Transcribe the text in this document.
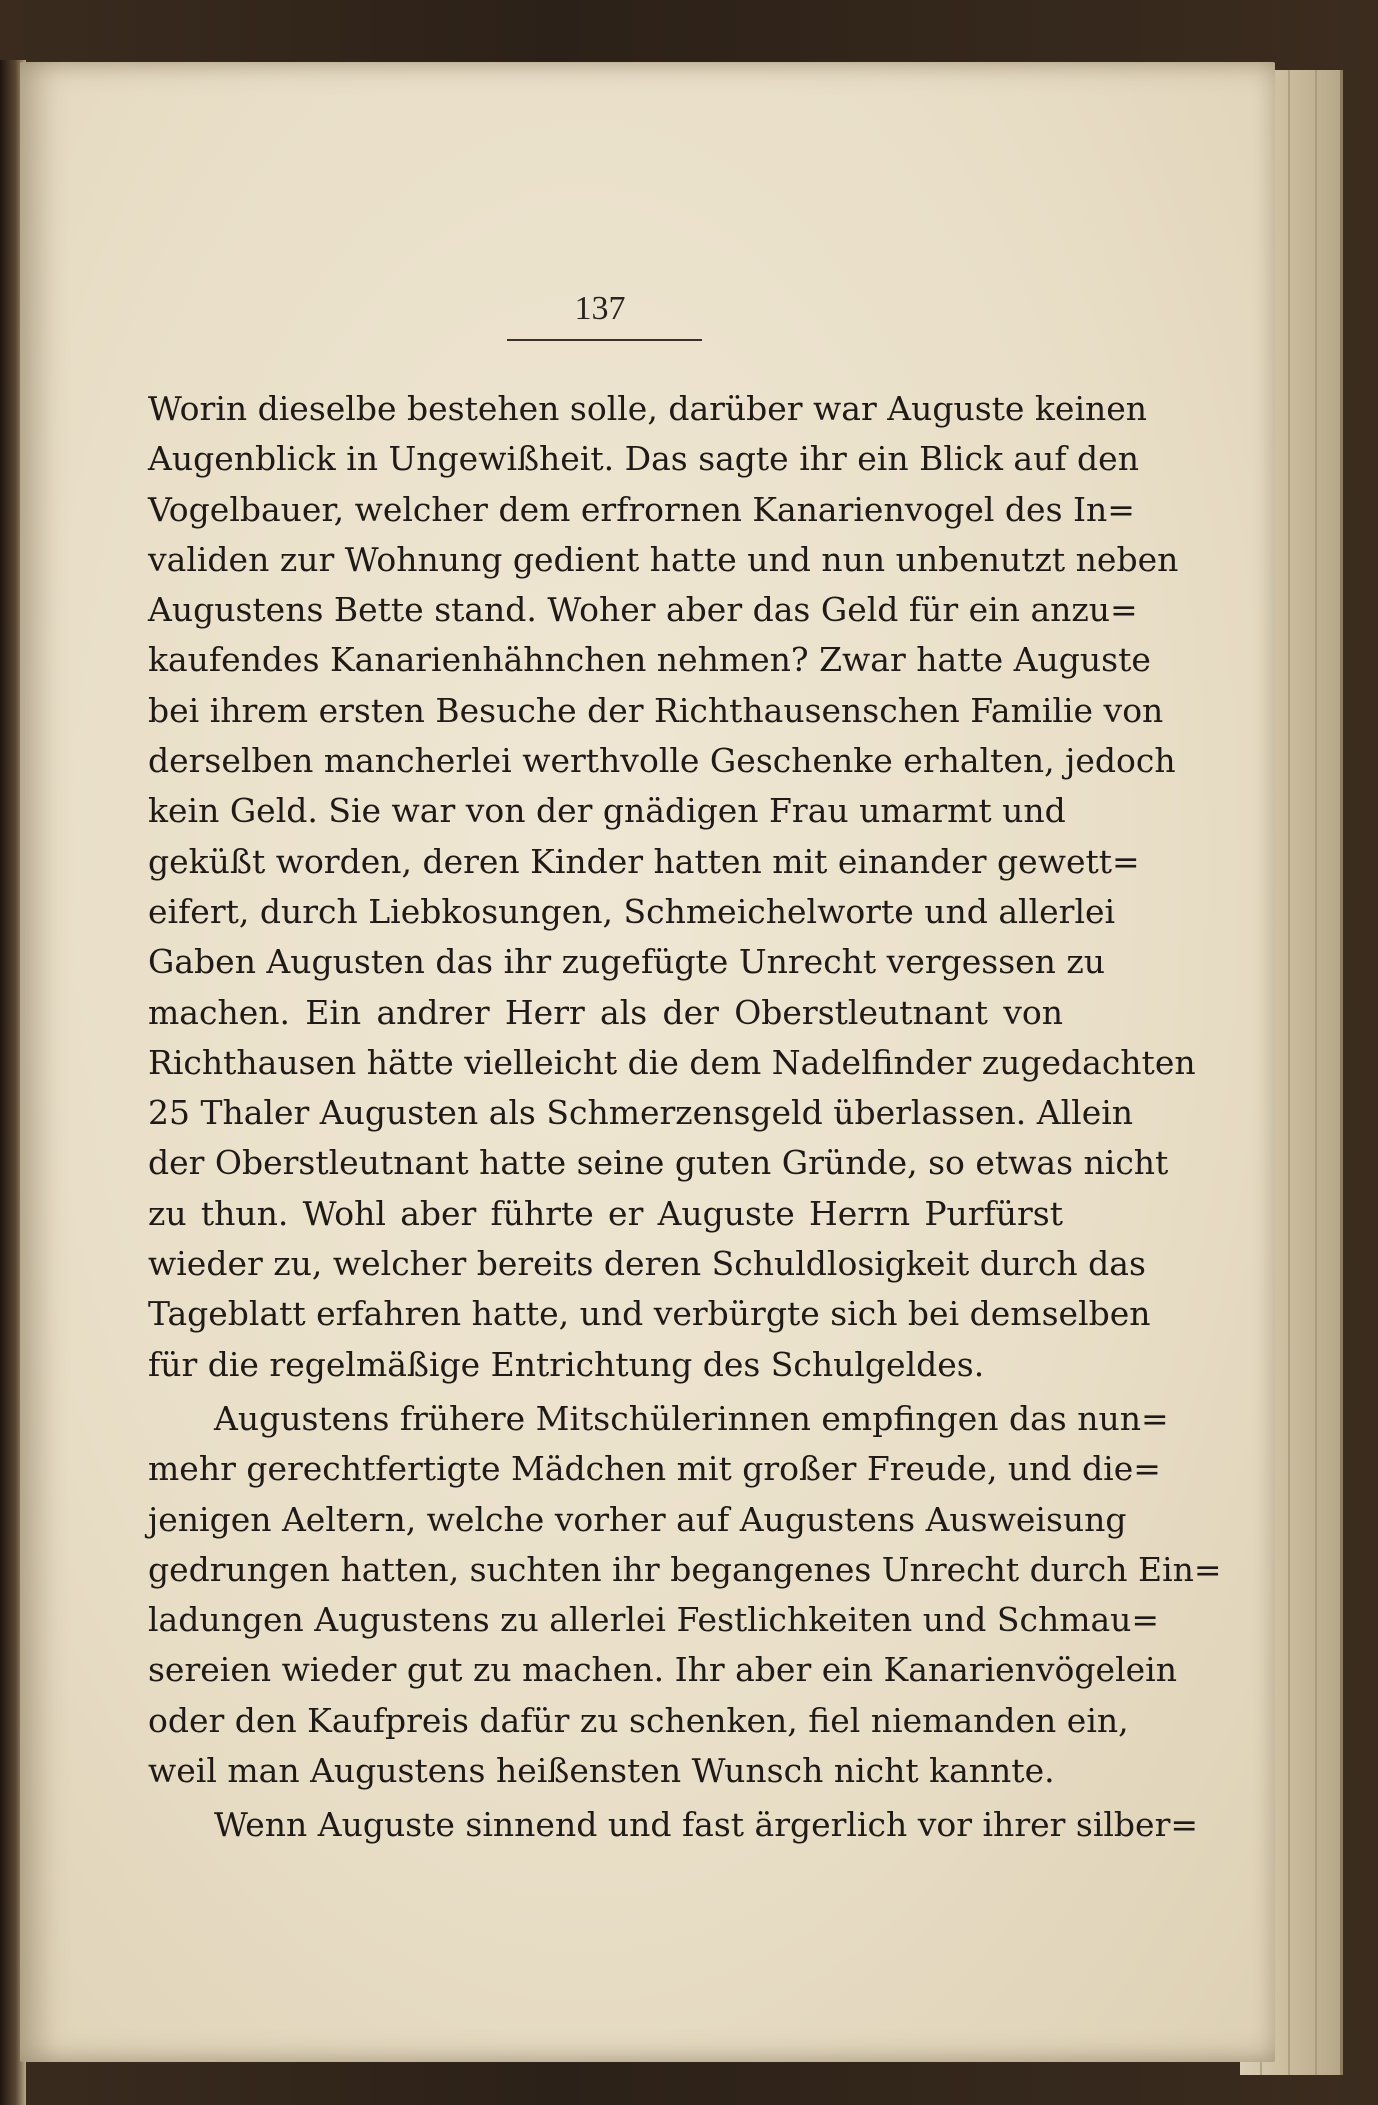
137
Worin dieselbe bestehen solle, darüber war Auguste keinen
Augenblick in Ungewißheit. Das sagte ihr ein Blick auf den
Vogelbauer, welcher dem erfrornen Kanarienvogel des In=
validen zur Wohnung gedient hatte und nun unbenutzt neben
Augustens Bette stand. Woher aber das Geld für ein anzu=
kaufendes Kanarienhähnchen nehmen? Zwar hatte Auguste
bei ihrem ersten Besuche der Richthausenschen Familie von
derselben mancherlei werthvolle Geschenke erhalten, jedoch
kein Geld. Sie war von der gnädigen Frau umarmt und
geküßt worden, deren Kinder hatten mit einander gewett=
eifert, durch Liebkosungen, Schmeichelworte und allerlei
Gaben Augusten das ihr zugefügte Unrecht vergessen zu
machen. Ein andrer Herr als der Oberstleutnant von
Richthausen hätte vielleicht die dem Nadelfinder zugedachten
25 Thaler Augusten als Schmerzensgeld überlassen. Allein
der Oberstleutnant hatte seine guten Gründe, so etwas nicht
zu thun. Wohl aber führte er Auguste Herrn Purfürst
wieder zu, welcher bereits deren Schuldlosigkeit durch das
Tageblatt erfahren hatte, und verbürgte sich bei demselben
für die regelmäßige Entrichtung des Schulgeldes.
Augustens frühere Mitschülerinnen empfingen das nun=
mehr gerechtfertigte Mädchen mit großer Freude, und die=
jenigen Aeltern, welche vorher auf Augustens Ausweisung
gedrungen hatten, suchten ihr begangenes Unrecht durch Ein=
ladungen Augustens zu allerlei Festlichkeiten und Schmau=
sereien wieder gut zu machen. Ihr aber ein Kanarienvögelein
oder den Kaufpreis dafür zu schenken, fiel niemanden ein,
weil man Augustens heißensten Wunsch nicht kannte.
Wenn Auguste sinnend und fast ärgerlich vor ihrer silber=
